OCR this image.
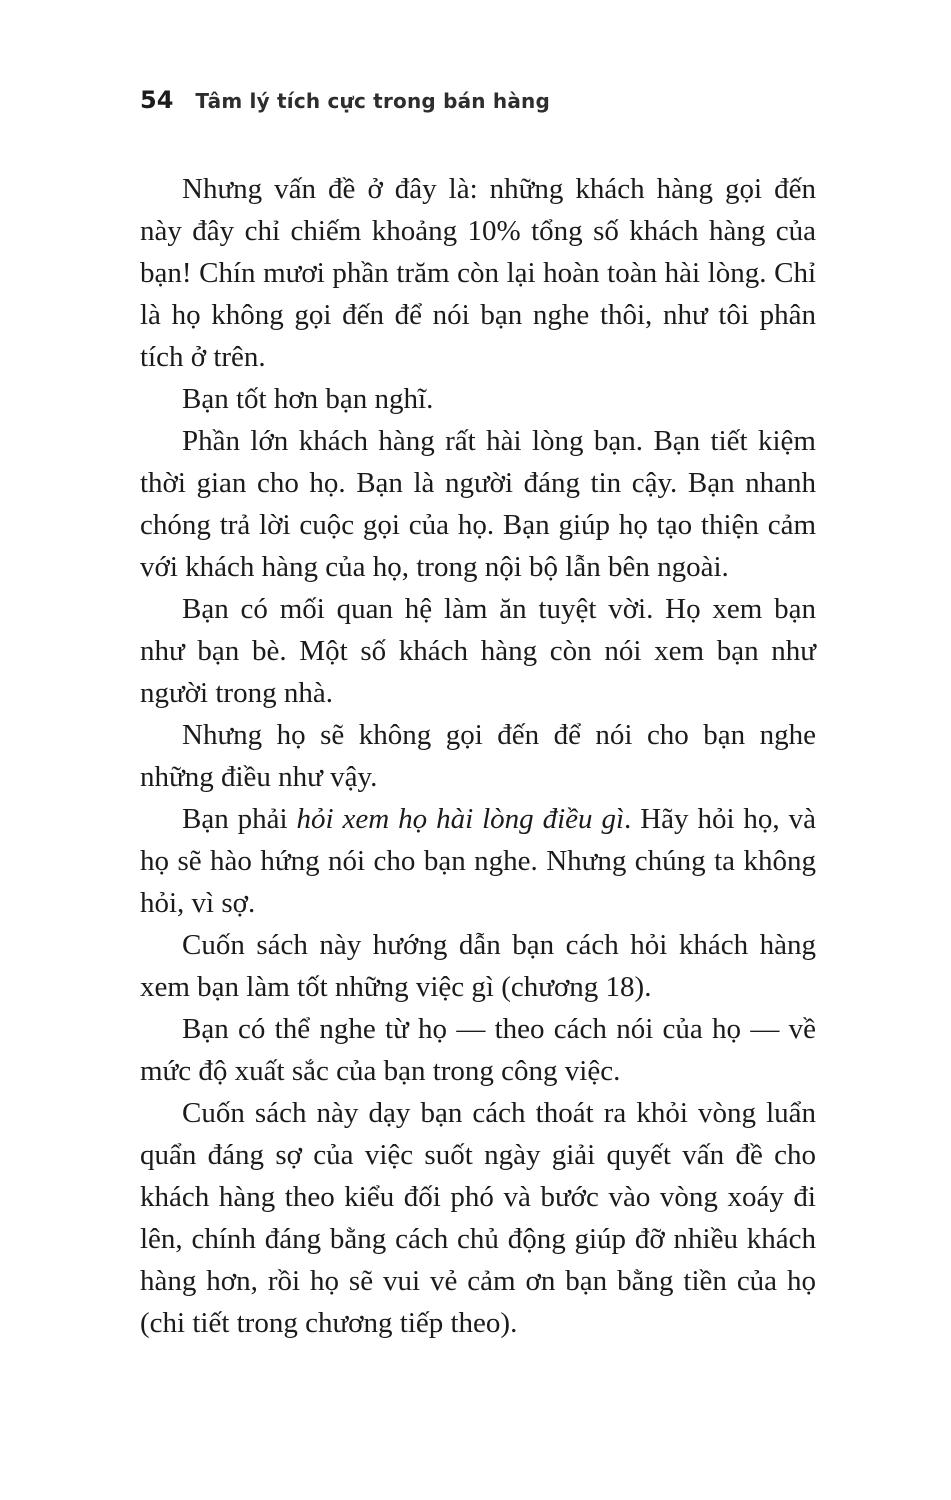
54 Tâm lý tích cực trong bán hàng

Nhưng vấn đề ở đây là: những khách hàng gọi đến này đây chỉ chiếm khoảng 10% tổng số khách hàng của bạn! Chín mươi phần trăm còn lại hoàn toàn hài lòng. Chỉ là họ không gọi đến để nói bạn nghe thôi, như tôi phân tích ở trên.

Bạn tốt hơn bạn nghĩ.

Phần lớn khách hàng rất hài lòng bạn. Bạn tiết kiệm thời gian cho họ. Bạn là người đáng tin cậy. Bạn nhanh chóng trả lời cuộc gọi của họ. Bạn giúp họ tạo thiện cảm với khách hàng của họ, trong nội bộ lẫn bên ngoài.

Bạn có mối quan hệ làm ăn tuyệt vời. Họ xem bạn như bạn bè. Một số khách hàng còn nói xem bạn như người trong nhà.

Nhưng họ sẽ không gọi đến để nói cho bạn nghe những điều như vậy.

Bạn phải hỏi xem họ hài lòng điều gì. Hãy hỏi họ, và họ sẽ hào hứng nói cho bạn nghe. Nhưng chúng ta không hỏi, vì sợ.

Cuốn sách này hướng dẫn bạn cách hỏi khách hàng xem bạn làm tốt những việc gì (chương 18).

Bạn có thể nghe từ họ — theo cách nói của họ — về mức độ xuất sắc của bạn trong công việc.

Cuốn sách này dạy bạn cách thoát ra khỏi vòng luẩn quẩn đáng sợ của việc suốt ngày giải quyết vấn đề cho khách hàng theo kiểu đối phó và bước vào vòng xoáy đi lên, chính đáng bằng cách chủ động giúp đỡ nhiều khách hàng hơn, rồi họ sẽ vui vẻ cảm ơn bạn bằng tiền của họ (chi tiết trong chương tiếp theo).
